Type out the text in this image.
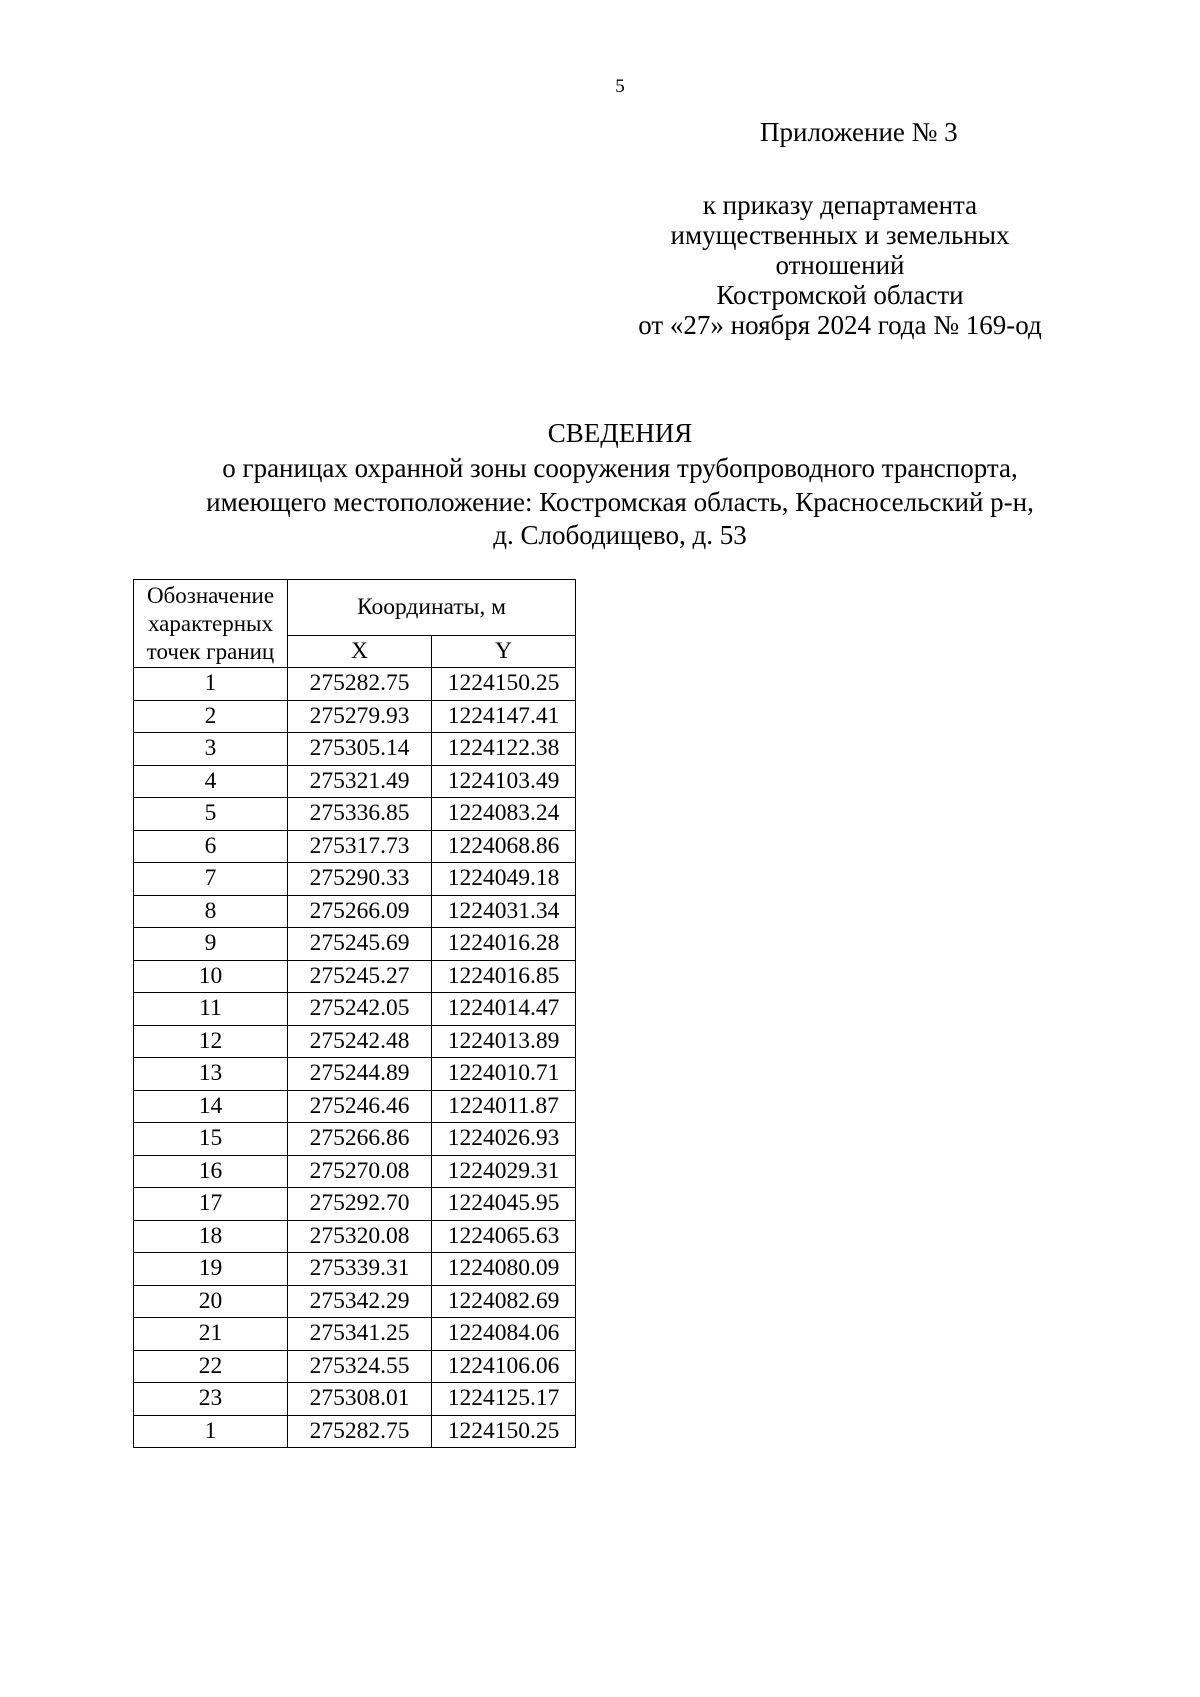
5
Приложение № 3
к приказу департамента
имущественных и земельных
отношений
Костромской области
от «27» ноября 2024 года № 169-од
СВЕДЕНИЯ
о границах охранной зоны сооружения трубопроводного транспорта,
имеющего местоположение: Костромская область, Красносельский р-н,
д. Слободищево, д. 53
Обозначение характерных точек границ	Координаты, м	
	X	Y
1	275282.75	1224150.25
2	275279.93	1224147.41
3	275305.14	1224122.38
4	275321.49	1224103.49
5	275336.85	1224083.24
6	275317.73	1224068.86
7	275290.33	1224049.18
8	275266.09	1224031.34
9	275245.69	1224016.28
10	275245.27	1224016.85
11	275242.05	1224014.47
12	275242.48	1224013.89
13	275244.89	1224010.71
14	275246.46	1224011.87
15	275266.86	1224026.93
16	275270.08	1224029.31
17	275292.70	1224045.95
18	275320.08	1224065.63
19	275339.31	1224080.09
20	275342.29	1224082.69
21	275341.25	1224084.06
22	275324.55	1224106.06
23	275308.01	1224125.17
1	275282.75	1224150.25
